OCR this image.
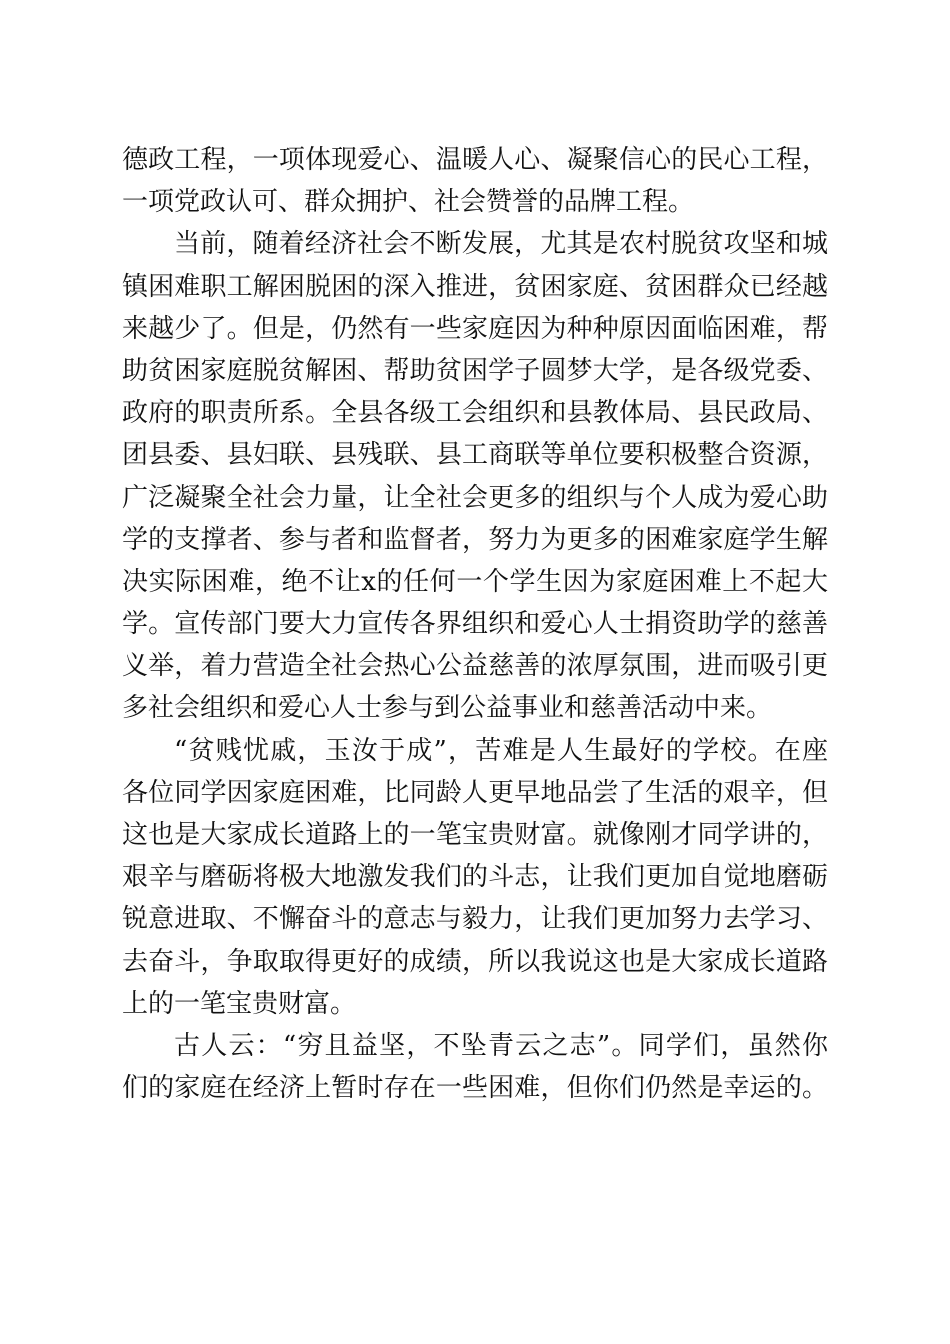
德政工程，一项体现爱心、温暖人心、凝聚信心的民心工程，
一项党政认可、群众拥护、社会赞誉的品牌工程。
当前，随着经济社会不断发展，尤其是农村脱贫攻坚和城
镇困难职工解困脱困的深入推进，贫困家庭、贫困群众已经越
来越少了。但是，仍然有一些家庭因为种种原因面临困难，帮
助贫困家庭脱贫解困、帮助贫困学子圆梦大学，是各级党委、
政府的职责所系。全县各级工会组织和县教体局、县民政局、
团县委、县妇联、县残联、县工商联等单位要积极整合资源，
广泛凝聚全社会力量，让全社会更多的组织与个人成为爱心助
学的支撑者、参与者和监督者，努力为更多的困难家庭学生解
决实际困难，绝不让x的任何一个学生因为家庭困难上不起大
学。宣传部门要大力宣传各界组织和爱心人士捐资助学的慈善
义举，着力营造全社会热心公益慈善的浓厚氛围，进而吸引更
多社会组织和爱心人士参与到公益事业和慈善活动中来。
“贫贱忧戚，玉汝于成”，苦难是人生最好的学校。在座
各位同学因家庭困难，比同龄人更早地品尝了生活的艰辛，但
这也是大家成长道路上的一笔宝贵财富。就像刚才同学讲的，
艰辛与磨砺将极大地激发我们的斗志，让我们更加自觉地磨砺
锐意进取、不懈奋斗的意志与毅力，让我们更加努力去学习、
去奋斗，争取取得更好的成绩，所以我说这也是大家成长道路
上的一笔宝贵财富。
古人云：“穷且益坚，不坠青云之志”。同学们，虽然你
们的家庭在经济上暂时存在一些困难，但你们仍然是幸运的。
